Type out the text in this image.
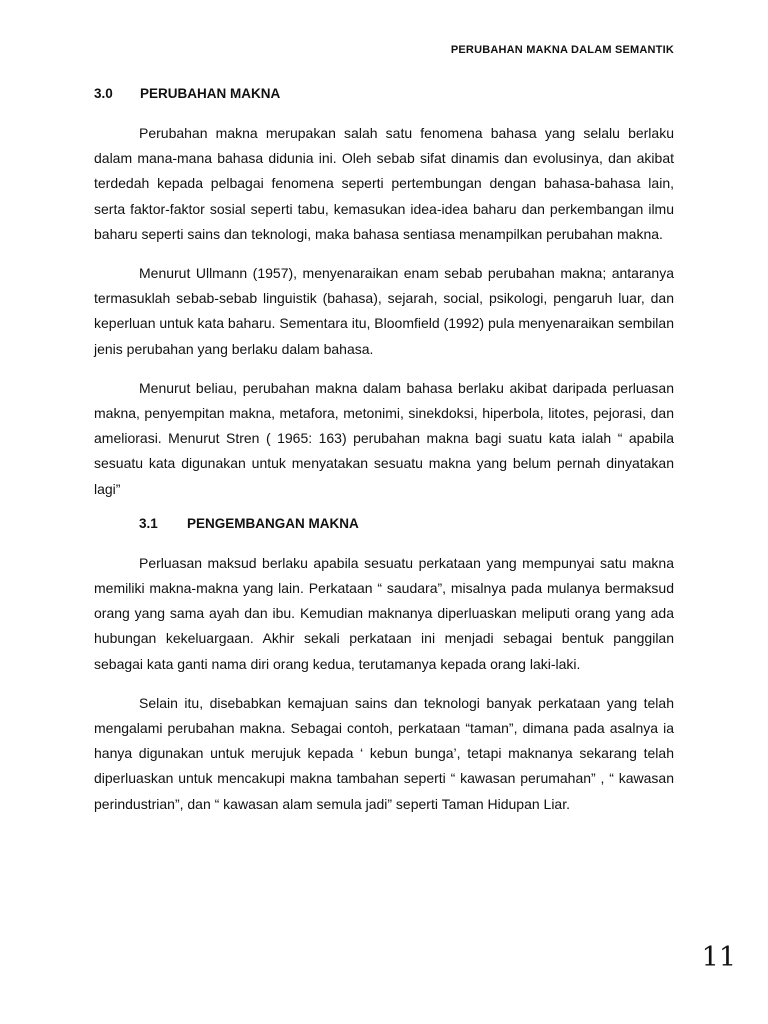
PERUBAHAN MAKNA DALAM SEMANTIK
3.0	PERUBAHAN MAKNA

Perubahan makna merupakan salah satu fenomena bahasa yang selalu berlaku dalam mana-mana bahasa didunia ini. Oleh sebab sifat dinamis dan evolusinya, dan akibat terdedah kepada pelbagai fenomena seperti pertembungan dengan bahasa-bahasa lain, serta faktor-faktor sosial seperti tabu, kemasukan idea-idea baharu dan perkembangan ilmu baharu seperti sains dan teknologi, maka bahasa sentiasa menampilkan perubahan makna.

Menurut Ullmann (1957), menyenaraikan enam sebab perubahan makna; antaranya termasuklah sebab-sebab linguistik (bahasa), sejarah, social, psikologi, pengaruh luar, dan keperluan untuk kata baharu. Sementara itu, Bloomfield (1992) pula menyenaraikan sembilan jenis perubahan yang berlaku dalam bahasa.

Menurut beliau, perubahan makna dalam bahasa berlaku akibat daripada perluasan makna, penyempitan makna, metafora, metonimi, sinekdoksi, hiperbola, litotes, pejorasi, dan ameliorasi. Menurut Stren ( 1965: 163) perubahan makna bagi suatu kata ialah “ apabila sesuatu kata digunakan untuk menyatakan sesuatu makna yang belum pernah dinyatakan lagi”

3.1	PENGEMBANGAN MAKNA

Perluasan maksud berlaku apabila sesuatu perkataan yang mempunyai satu makna memiliki makna-makna yang lain. Perkataan “ saudara”, misalnya pada mulanya bermaksud orang yang sama ayah dan ibu. Kemudian maknanya diperluaskan meliputi orang yang ada hubungan kekeluargaan. Akhir sekali perkataan ini menjadi sebagai bentuk panggilan sebagai kata ganti nama diri orang kedua, terutamanya kepada orang laki-laki.

Selain itu, disebabkan kemajuan sains dan teknologi banyak perkataan yang telah mengalami perubahan makna. Sebagai contoh, perkataan “taman”, dimana pada asalnya ia hanya digunakan untuk merujuk kepada ‘ kebun bunga’, tetapi maknanya sekarang telah diperluaskan untuk mencakupi makna tambahan seperti “ kawasan perumahan” , “ kawasan perindustrian”, dan “ kawasan alam semula jadi” seperti Taman Hidupan Liar.

11
